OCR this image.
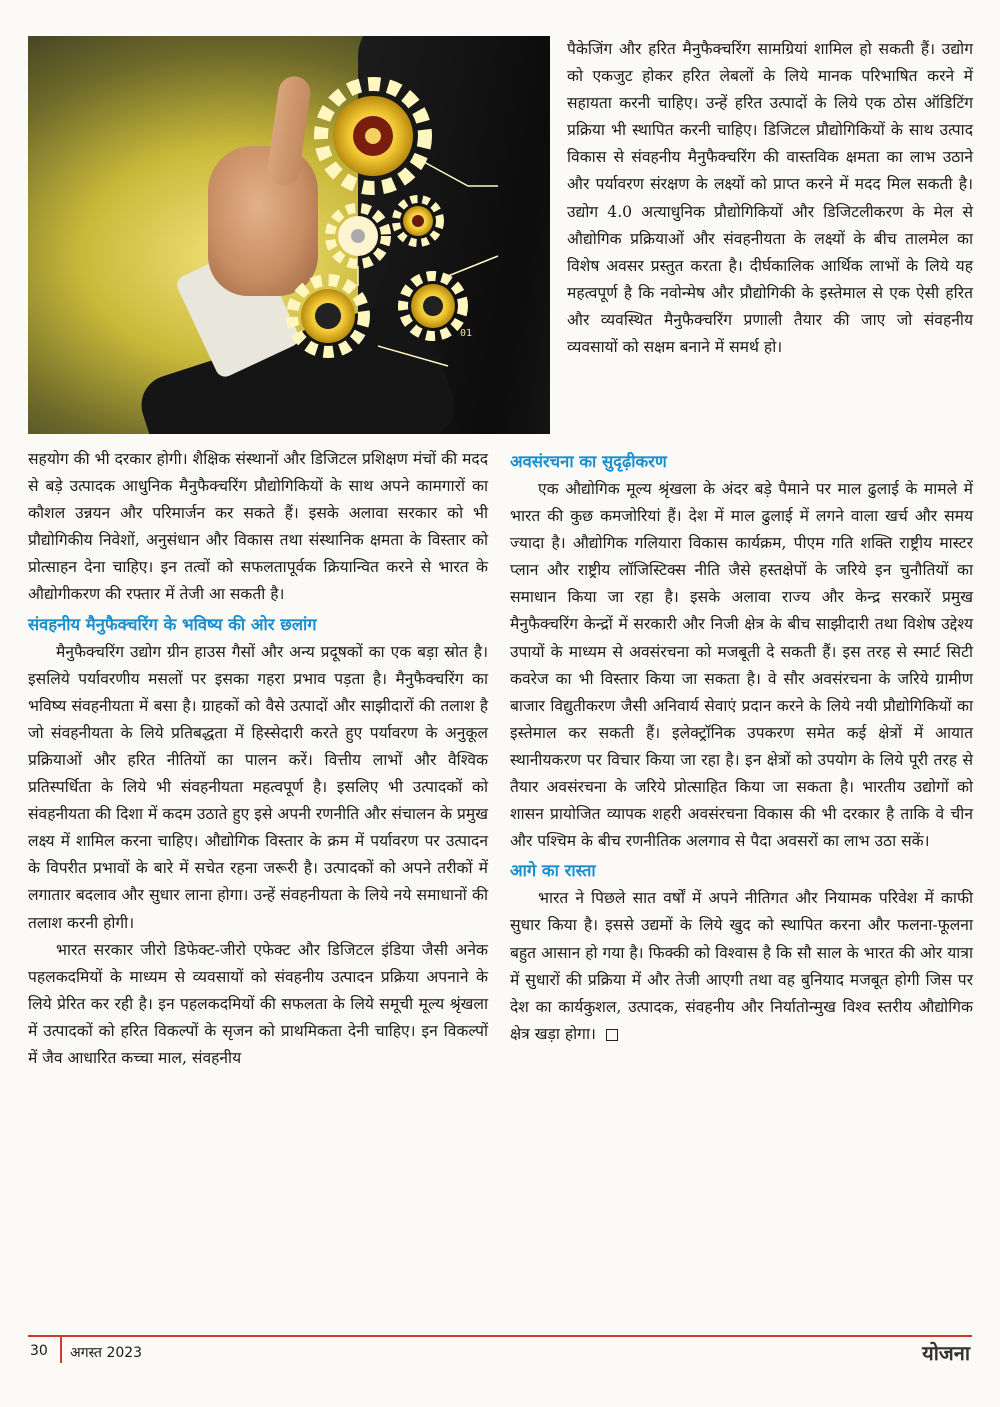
01

पैकेजिंग और हरित मैनुफैक्चरिंग सामग्रियां शामिल हो सकती हैं। उद्योग को एकजुट होकर हरित लेबलों के लिये मानक परिभाषित करने में सहायता करनी चाहिए। उन्हें हरित उत्पादों के लिये एक ठोस ऑडिटिंग प्रक्रिया भी स्थापित करनी चाहिए। डिजिटल प्रौद्योगिकियों के साथ उत्पाद विकास से संवहनीय मैनुफैक्चरिंग की वास्तविक क्षमता का लाभ उठाने और पर्यावरण संरक्षण के लक्ष्यों को प्राप्त करने में मदद मिल सकती है। उद्योग 4.0 अत्याधुनिक प्रौद्योगिकियों और डिजिटलीकरण के मेल से औद्योगिक प्रक्रियाओं और संवहनीयता के लक्ष्यों के बीच तालमेल का विशेष अवसर प्रस्तुत करता है। दीर्घकालिक आर्थिक लाभों के लिये यह महत्वपूर्ण है कि नवोन्मेष और प्रौद्योगिकी के इस्तेमाल से एक ऐसी हरित और व्यवस्थित मैनुफैक्चरिंग प्रणाली तैयार की जाए जो संवहनीय व्यवसायों को सक्षम बनाने में समर्थ हो।

सहयोग की भी दरकार होगी। शैक्षिक संस्थानों और डिजिटल प्रशिक्षण मंचों की मदद से बड़े उत्पादक आधुनिक मैनुफैक्चरिंग प्रौद्योगिकियों के साथ अपने कामगारों का कौशल उन्नयन और परिमार्जन कर सकते हैं। इसके अलावा सरकार को भी प्रौद्योगिकीय निवेशों, अनुसंधान और विकास तथा संस्थानिक क्षमता के विस्तार को प्रोत्साहन देना चाहिए। इन तत्वों को सफलतापूर्वक क्रियान्वित करने से भारत के औद्योगीकरण की रफ्तार में तेजी आ सकती है।

संवहनीय मैनुफैक्चरिंग के भविष्य की ओर छलांग

मैनुफैक्चरिंग उद्योग ग्रीन हाउस गैसों और अन्य प्रदूषकों का एक बड़ा स्रोत है। इसलिये पर्यावरणीय मसलों पर इसका गहरा प्रभाव पड़ता है। मैनुफैक्चरिंग का भविष्य संवहनीयता में बसा है। ग्राहकों को वैसे उत्पादों और साझीदारों की तलाश है जो संवहनीयता के लिये प्रतिबद्धता में हिस्सेदारी करते हुए पर्यावरण के अनुकूल प्रक्रियाओं और हरित नीतियों का पालन करें। वित्तीय लाभों और वैश्विक प्रतिस्पर्धिता के लिये भी संवहनीयता महत्वपूर्ण है। इसलिए भी उत्पादकों को संवहनीयता की दिशा में कदम उठाते हुए इसे अपनी रणनीति और संचालन के प्रमुख लक्ष्य में शामिल करना चाहिए। औद्योगिक विस्तार के क्रम में पर्यावरण पर उत्पादन के विपरीत प्रभावों के बारे में सचेत रहना जरूरी है। उत्पादकों को अपने तरीकों में लगातार बदलाव और सुधार लाना होगा। उन्हें संवहनीयता के लिये नये समाधानों की तलाश करनी होगी।

भारत सरकार जीरो डिफेक्ट-जीरो एफेक्ट और डिजिटल इंडिया जैसी अनेक पहलकदमियों के माध्यम से व्यवसायों को संवहनीय उत्पादन प्रक्रिया अपनाने के लिये प्रेरित कर रही है। इन पहलकदमियों की सफलता के लिये समूची मूल्य श्रृंखला में उत्पादकों को हरित विकल्पों के सृजन को प्राथमिकता देनी चाहिए। इन विकल्पों में जैव आधारित कच्चा माल, संवहनीय

अवसंरचना का सुदृढ़ीकरण

एक औद्योगिक मूल्य श्रृंखला के अंदर बड़े पैमाने पर माल ढुलाई के मामले में भारत की कुछ कमजोरियां हैं। देश में माल ढुलाई में लगने वाला खर्च और समय ज्यादा है। औद्योगिक गलियारा विकास कार्यक्रम, पीएम गति शक्ति राष्ट्रीय मास्टर प्लान और राष्ट्रीय लॉजिस्टिक्स नीति जैसे हस्तक्षेपों के जरिये इन चुनौतियों का समाधान किया जा रहा है। इसके अलावा राज्य और केन्द्र सरकारें प्रमुख मैनुफैक्चरिंग केन्द्रों में सरकारी और निजी क्षेत्र के बीच साझीदारी तथा विशेष उद्देश्य उपायों के माध्यम से अवसंरचना को मजबूती दे सकती हैं। इस तरह से स्मार्ट सिटी कवरेज का भी विस्तार किया जा सकता है। वे सौर अवसंरचना के जरिये ग्रामीण बाजार विद्युतीकरण जैसी अनिवार्य सेवाएं प्रदान करने के लिये नयी प्रौद्योगिकियों का इस्तेमाल कर सकती हैं। इलेक्ट्रॉनिक उपकरण समेत कई क्षेत्रों में आयात स्थानीयकरण पर विचार किया जा रहा है। इन क्षेत्रों को उपयोग के लिये पूरी तरह से तैयार अवसंरचना के जरिये प्रोत्साहित किया जा सकता है। भारतीय उद्योगों को शासन प्रायोजित व्यापक शहरी अवसंरचना विकास की भी दरकार है ताकि वे चीन और पश्चिम के बीच रणनीतिक अलगाव से पैदा अवसरों का लाभ उठा सकें।

आगे का रास्ता

भारत ने पिछले सात वर्षों में अपने नीतिगत और नियामक परिवेश में काफी सुधार किया है। इससे उद्यमों के लिये खुद को स्थापित करना और फलना-फूलना बहुत आसान हो गया है। फिक्की को विश्वास है कि सौ साल के भारत की ओर यात्रा में सुधारों की प्रक्रिया में और तेजी आएगी तथा वह बुनियाद मजबूत होगी जिस पर देश का कार्यकुशल, उत्पादक, संवहनीय और निर्यातोन्मुख विश्व स्तरीय औद्योगिक क्षेत्र खड़ा होगा।

30 अगस्त 2023	योजना
